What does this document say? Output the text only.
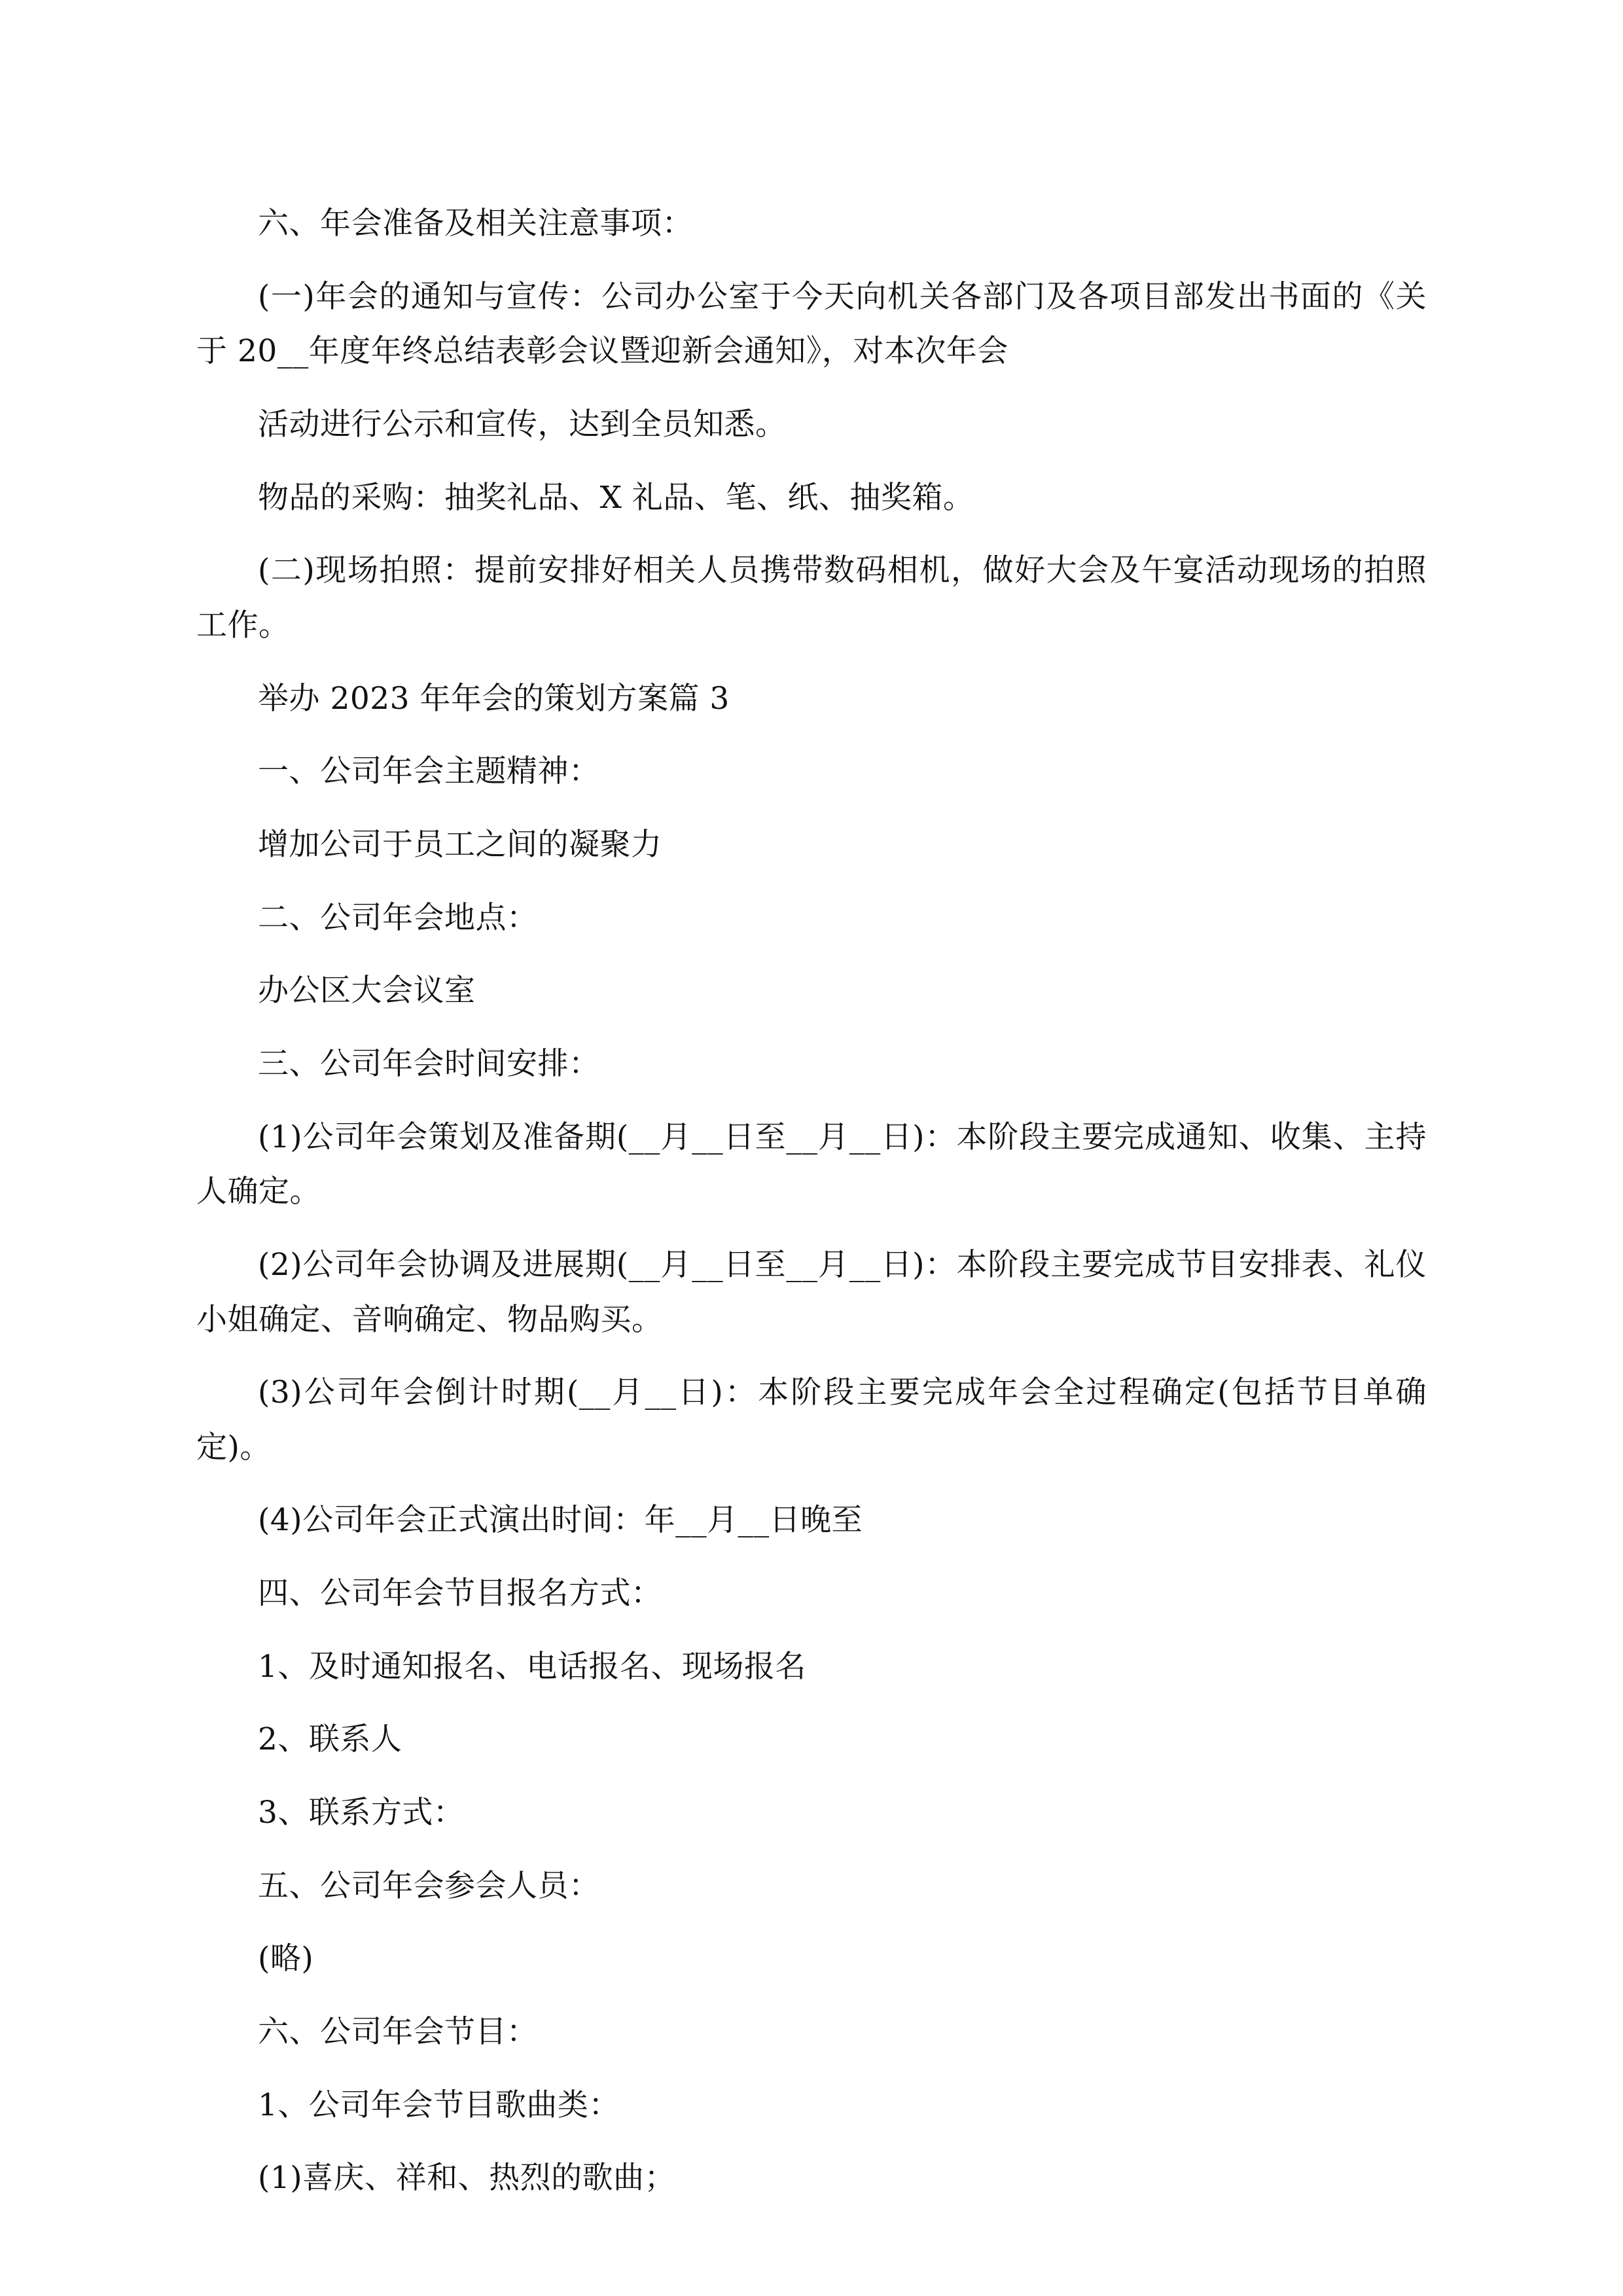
六、年会准备及相关注意事项：

(一)年会的通知与宣传：公司办公室于今天向机关各部门及各项目部发出书面的《关于 20__年度年终总结表彰会议暨迎新会通知》，对本次年会

活动进行公示和宣传，达到全员知悉。

物品的采购：抽奖礼品、X 礼品、笔、纸、抽奖箱。

(二)现场拍照：提前安排好相关人员携带数码相机，做好大会及午宴活动现场的拍照工作。

举办 2023 年年会的策划方案篇 3

一、公司年会主题精神：

增加公司于员工之间的凝聚力

二、公司年会地点：

办公区大会议室

三、公司年会时间安排：

(1)公司年会策划及准备期(__月__日至__月__日)：本阶段主要完成通知、收集、主持人确定。

(2)公司年会协调及进展期(__月__日至__月__日)：本阶段主要完成节目安排表、礼仪小姐确定、音响确定、物品购买。

(3)公司年会倒计时期(__月__日)：本阶段主要完成年会全过程确定(包括节目单确定)。

(4)公司年会正式演出时间：年__月__日晚至

四、公司年会节目报名方式：

1、及时通知报名、电话报名、现场报名

2、联系人

3、联系方式：

五、公司年会参会人员：

(略)

六、公司年会节目：

1、公司年会节目歌曲类：

(1)喜庆、祥和、热烈的歌曲；
